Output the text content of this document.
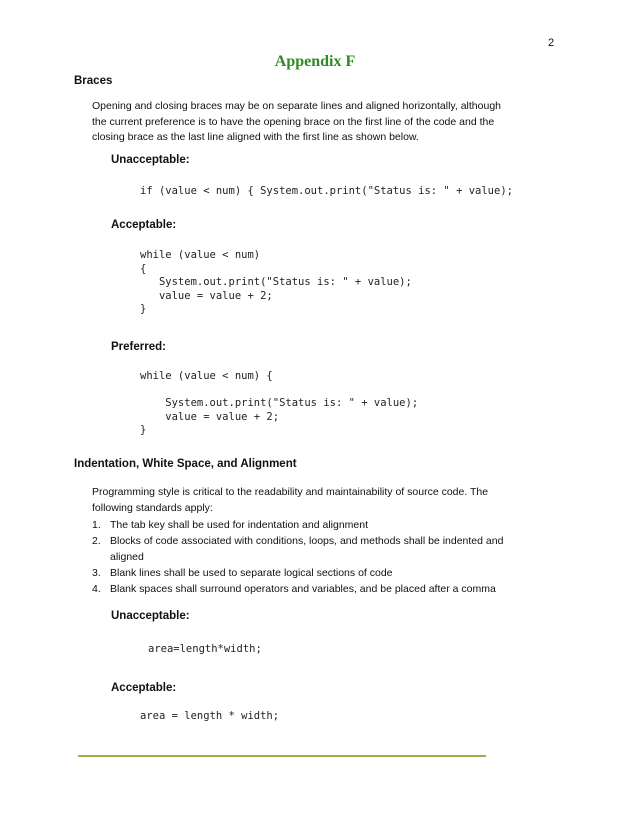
2
Appendix F
Braces
Opening and closing braces may be on separate lines and aligned horizontally, although
the current preference is to have the opening brace on the first line of the code and the
closing brace as the last line aligned with the first line as shown below.
Unacceptable:
if (value < num) { System.out.print("Status is: " + value);
Acceptable:
while (value < num)
{
System.out.print("Status is: " + value);
value = value + 2;
}
Preferred:
while (value < num) {
System.out.print("Status is: " + value);
value = value + 2;
}
Indentation, White Space, and Alignment
Programming style is critical to the readability and maintainability of source code. The
following standards apply:
1. The tab key shall be used for indentation and alignment
2. Blocks of code associated with conditions, loops, and methods shall be indented and
aligned
3. Blank lines shall be used to separate logical sections of code
4. Blank spaces shall surround operators and variables, and be placed after a comma
Unacceptable:
area=length*width;
Acceptable:
area = length * width;
